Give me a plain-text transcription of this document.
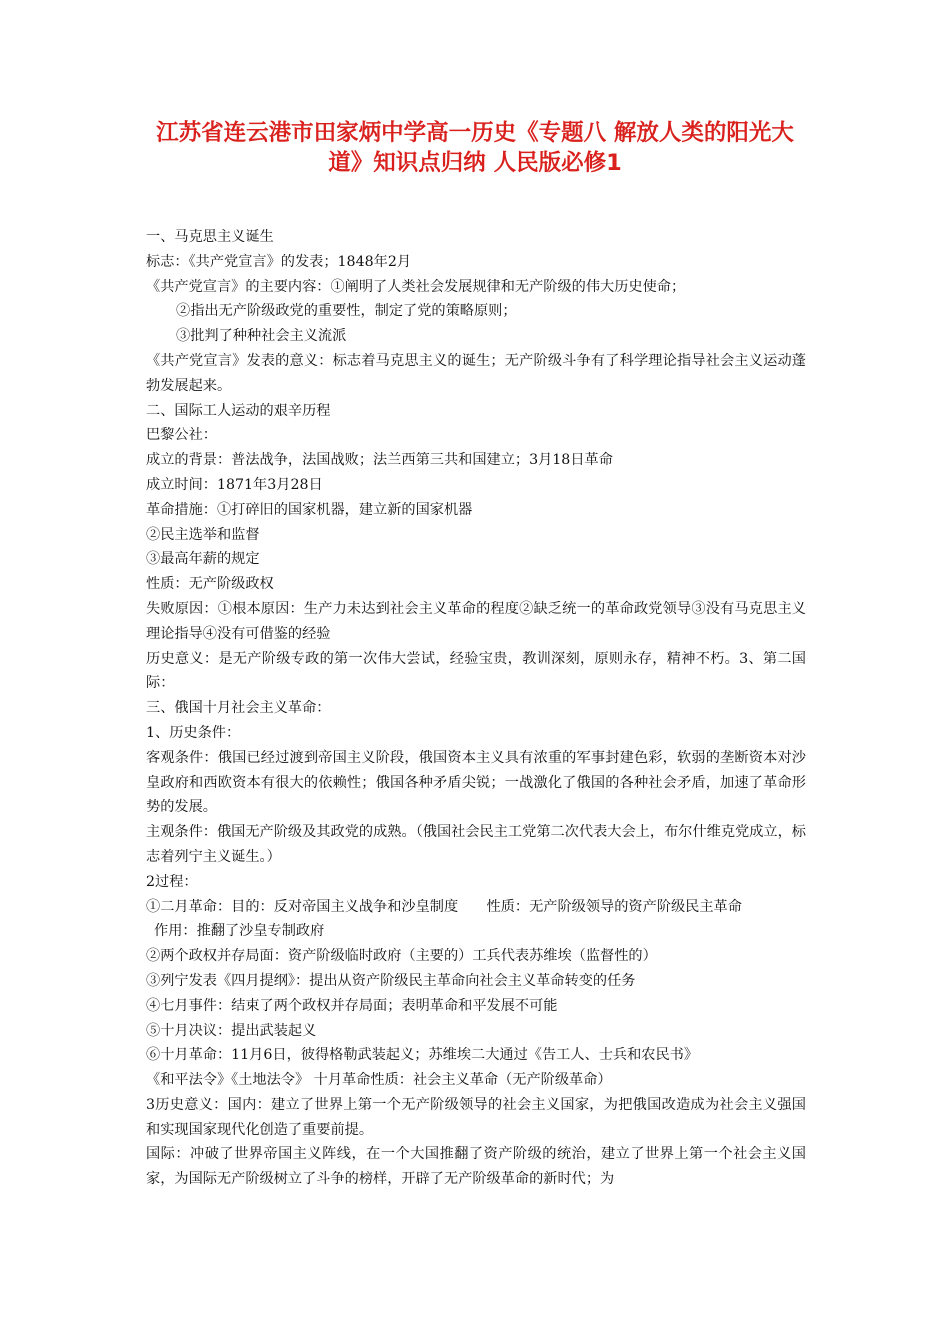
江苏省连云港市田家炳中学高一历史《专题八 解放人类的阳光大
道》知识点归纳 人民版必修1

一、马克思主义诞生

标志：《共产党宣言》的发表；1848年2月

《共产党宣言》的主要内容：①阐明了人类社会发展规律和无产阶级的伟大历史使命；

②指出无产阶级政党的重要性，制定了党的策略原则；

③批判了种种社会主义流派

《共产党宣言》发表的意义：标志着马克思主义的诞生；无产阶级斗争有了科学理论指导社会主义运动蓬勃发展起来。

二、国际工人运动的艰辛历程

巴黎公社：

成立的背景：普法战争，法国战败；法兰西第三共和国建立；3月18日革命

成立时间：1871年3月28日

革命措施：①打碎旧的国家机器，建立新的国家机器

②民主选举和监督

③最高年薪的规定

性质：无产阶级政权

失败原因：①根本原因：生产力未达到社会主义革命的程度②缺乏统一的革命政党领导③没有马克思主义理论指导④没有可借鉴的经验

历史意义：是无产阶级专政的第一次伟大尝试，经验宝贵，教训深刻，原则永存，精神不朽。3、第二国际：

三、俄国十月社会主义革命：

1、历史条件：

客观条件：俄国已经过渡到帝国主义阶段，俄国资本主义具有浓重的军事封建色彩，软弱的垄断资本对沙皇政府和西欧资本有很大的依赖性；俄国各种矛盾尖锐；一战激化了俄国的各种社会矛盾，加速了革命形势的发展。

主观条件：俄国无产阶级及其政党的成熟。（俄国社会民主工党第二次代表大会上，布尔什维克党成立，标志着列宁主义诞生。）

2过程：

①二月革命：目的：反对帝国主义战争和沙皇制度　　性质：无产阶级领导的资产阶级民主革命

作用：推翻了沙皇专制政府

②两个政权并存局面：资产阶级临时政府（主要的）工兵代表苏维埃（监督性的）

③列宁发表《四月提纲》：提出从资产阶级民主革命向社会主义革命转变的任务

④七月事件：结束了两个政权并存局面；表明革命和平发展不可能

⑤十月决议：提出武装起义

⑥十月革命：11月6日，彼得格勒武装起义；苏维埃二大通过《告工人、士兵和农民书》

《和平法令》《土地法令》 十月革命性质：社会主义革命（无产阶级革命）

3历史意义：国内：建立了世界上第一个无产阶级领导的社会主义国家，为把俄国改造成为社会主义强国和实现国家现代化创造了重要前提。

国际：冲破了世界帝国主义阵线，在一个大国推翻了资产阶级的统治，建立了世界上第一个社会主义国家，为国际无产阶级树立了斗争的榜样，开辟了无产阶级革命的新时代；为
